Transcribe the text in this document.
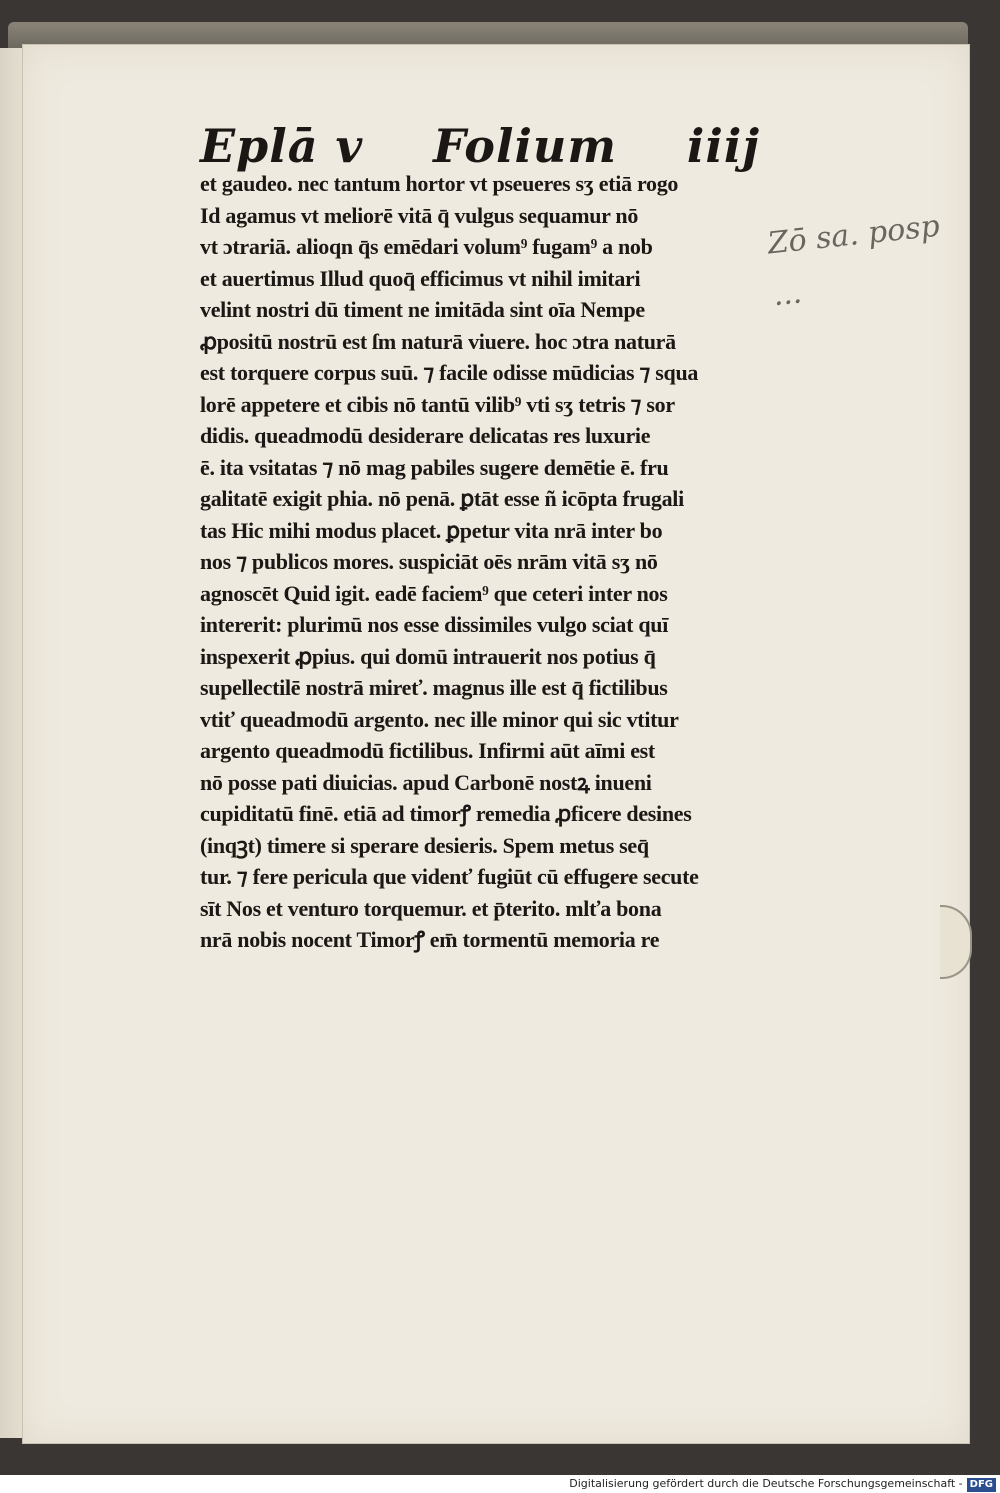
Eplā v Folium iiij
Zō sa. posp ...
et gaudeo. nec tantum hortor vt pseueres sʒ etiā rogo
Id agamus vt meliorē vitā q̄ vulgus sequamur nō
vt ɔtrariā. alioqn q̄s emēdari volum⁹ fugam⁹ a nob
et auertimus Illud quoq̄ efficimus vt nihil imitari
velint nostri dū timent ne imitāda sint oīa Nempe
ꝓpositū nostrū est ſm naturā viuere. hoc ɔtra naturā
est torquere corpus suū. ⁊ facile odisse mūdicias ⁊ squa
lorē appetere et cibis nō tantū vilib⁹ vti sʒ tetris ⁊ sor
didis. queadmodū desiderare delicatas res luxurie
ē. ita vsitatas ⁊ nō mag pabiles sugere demētie ē. fru
galitatē exigit phia. nō penā. ꝑtāt esse ñ icōpta frugali
tas Hic mihi modus placet. ꝑpetur vita nrā inter bo
nos ⁊ publicos mores. suspiciāt oēs nrām vitā sʒ nō
agnoscēt Quid igit. eadē faciem⁹ que ceteri inter nos
intererit: plurimū nos esse dissimiles vulgo sciat quī
inspexerit ꝓpius. qui domū intrauerit nos potius q̄
supellectilē nostrā mireť. magnus ille est q̄ fictilibus
vtiť queadmodū argento. nec ille minor qui sic vtitur
argento queadmodū fictilibus. Infirmi aūt aīmi est
nō posse pati diuicias. apud Carbonē nostꝝ inueni
cupiditatū finē. etiā ad timorꝭ remedia ꝓficere desines
(inqꝫt) timere si sperare desieris. Spem metus seq̄
tur. ⁊ fere pericula que videnť fugiūt cū effugere secute
sīt Nos et venturo torquemur. et p̄terito. mlťa bona
nrā nobis nocent Timorꝭ em̄ tormentū memoria re
Digitalisierung gefördert durch die Deutsche Forschungsgemeinschaft - DFG
